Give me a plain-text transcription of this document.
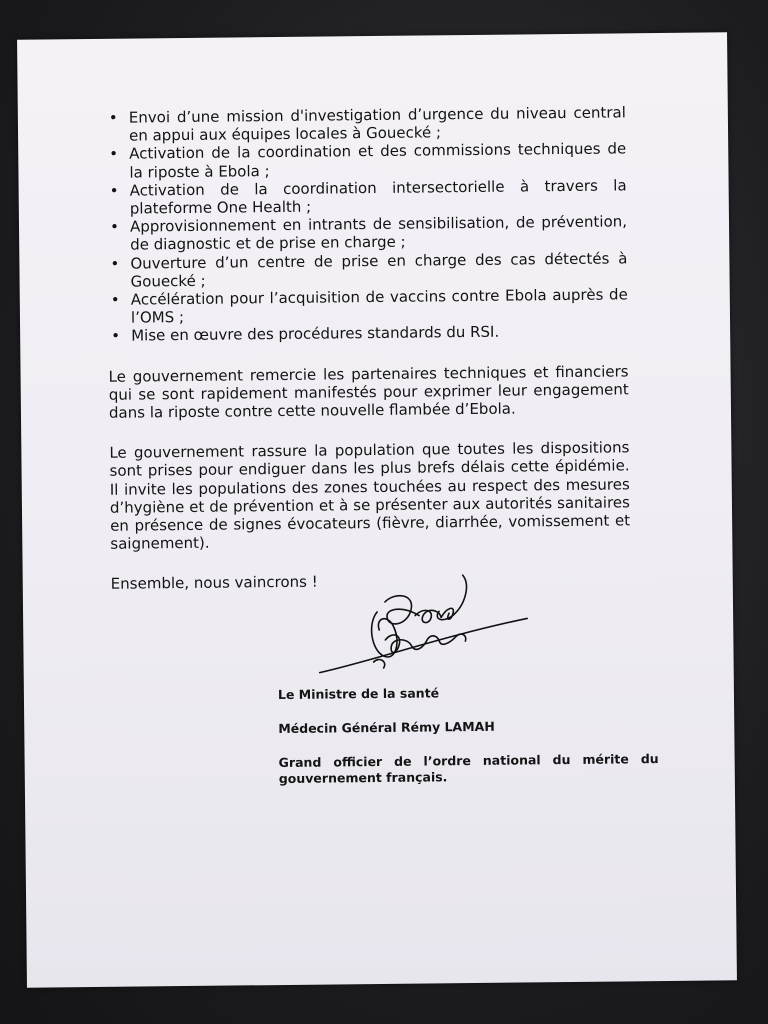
• Envoi d’une mission d'investigation d’urgence du niveau central en appui aux équipes locales à Gouecké ;
• Activation de la coordination et des commissions techniques de la riposte à Ebola ;
• Activation de la coordination intersectorielle à travers la plateforme One Health ;
• Approvisionnement en intrants de sensibilisation, de prévention, de diagnostic et de prise en charge ;
• Ouverture d’un centre de prise en charge des cas détectés à Gouecké ;
• Accélération pour l’acquisition de vaccins contre Ebola auprès de l’OMS ;
• Mise en œuvre des procédures standards du RSI.

Le gouvernement remercie les partenaires techniques et financiers qui se sont rapidement manifestés pour exprimer leur engagement dans la riposte contre cette nouvelle flambée d’Ebola.

Le gouvernement rassure la population que toutes les dispositions sont prises pour endiguer dans les plus brefs délais cette épidémie. Il invite les populations des zones touchées au respect des mesures d’hygiène et de prévention et à se présenter aux autorités sanitaires en présence de signes évocateurs (fièvre, diarrhée, vomissement et saignement).

Ensemble, nous vaincrons !

Le Ministre de la santé

Médecin Général Rémy LAMAH

Grand officier de l’ordre national du mérite du gouvernement français.
